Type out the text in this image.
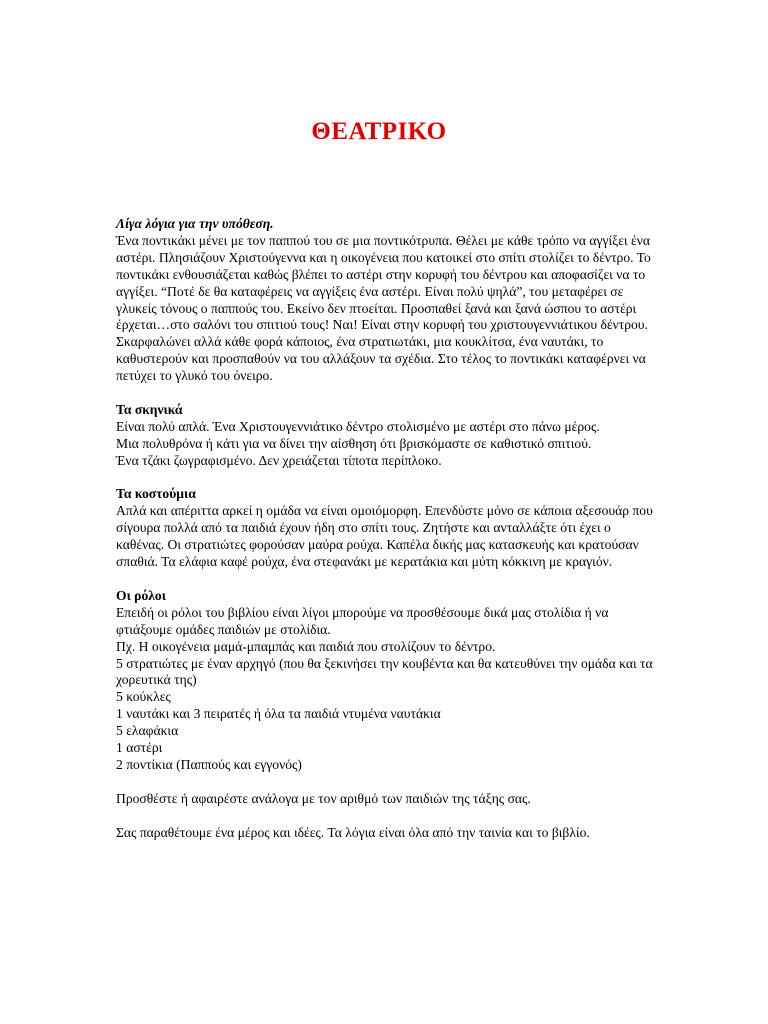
ΘΕΑΤΡΙΚΟ
Λίγα λόγια για την υπόθεση.
Ένα ποντικάκι μένει με τον παππού του σε μια ποντικότρυπα. Θέλει με κάθε τρόπο να αγγίξει ένα αστέρι. Πλησιάζουν Χριστούγεννα και η οικογένεια που κατοικεί στο σπίτι στολίζει το δέντρο. Το ποντικάκι ενθουσιάζεται καθώς βλέπει το αστέρι στην κορυφή του δέντρου και αποφασίζει να το αγγίξει. “Ποτέ δε θα καταφέρεις να αγγίξεις ένα αστέρι. Είναι πολύ ψηλά”, του μεταφέρει σε γλυκείς τόνους ο παππούς του. Εκείνο δεν πτοείται. Προσπαθεί ξανά και ξανά ώσπου το αστέρι έρχεται…στο σαλόνι του σπιτιού τους! Ναι! Είναι στην κορυφή του χριστουγεννιάτικου δέντρου. Σκαρφαλώνει αλλά κάθε φορά κάποιος, ένα στρατιωτάκι, μια κουκλίτσα, ένα ναυτάκι, το καθυστερούν και προσπαθούν να του αλλάξουν τα σχέδια. Στο τέλος το ποντικάκι καταφέρνει να πετύχει το γλυκό του όνειρο.
Τα σκηνικά
Είναι πολύ απλά. Ένα Χριστουγεννιάτικο δέντρο στολισμένο με αστέρι στο πάνω μέρος.
Μια πολυθρόνα ή κάτι για να δίνει την αίσθηση ότι βρισκόμαστε σε καθιστικό σπιτιού.
Ένα τζάκι ζωγραφισμένο. Δεν χρειάζεται τίποτα περίπλοκο.
Τα κοστούμια
Απλά και απέριττα αρκεί η ομάδα να είναι ομοιόμορφη. Επενδύστε μόνο σε κάποια αξεσουάρ που σίγουρα πολλά από τα παιδιά έχουν ήδη στο σπίτι τους. Ζητήστε και ανταλλάξτε ότι έχει ο καθένας. Οι στρατιώτες φορούσαν μαύρα ρούχα. Καπέλα δικής μας κατασκευής και κρατούσαν σπαθιά. Τα ελάφια καφέ ρούχα, ένα στεφανάκι με κερατάκια και μύτη κόκκινη με κραγιόν.
Οι ρόλοι
Επειδή οι ρόλοι του βιβλίου είναι λίγοι μπορούμε να προσθέσουμε δικά μας στολίδια ή να φτιάξουμε ομάδες παιδιών με στολίδια.
Πχ. Η οικογένεια μαμά-μπαμπάς και παιδιά που στολίζουν το δέντρο.
5 στρατιώτες με έναν αρχηγό (που θα ξεκινήσει την κουβέντα και θα κατευθύνει την ομάδα και τα χορευτικά της)
5 κούκλες
1 ναυτάκι και 3 πειρατές ή όλα τα παιδιά ντυμένα ναυτάκια
5 ελαφάκια
1 αστέρι
2 ποντίκια (Παππούς και εγγονός)
Προσθέστε ή αφαιρέστε ανάλογα με τον αριθμό των παιδιών της τάξης σας.
Σας παραθέτουμε ένα μέρος και ιδέες. Τα λόγια είναι όλα από την ταινία και το βιβλίο.
